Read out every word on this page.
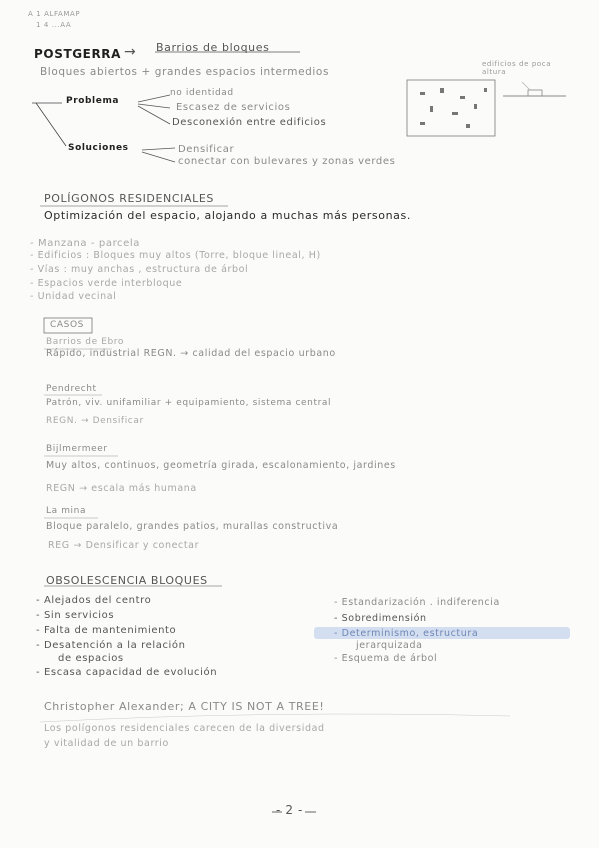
A 1 ALFAMAP
1 4 ...AA
POSTGERRA → Barrios de bloques
Bloques abiertos + grandes espacios intermedios
edificios de poca altura
Problema
no identidad
Escasez de servicios
Desconexión entre edificios
Soluciones	Densificar
conectar con bulevares y zonas verdes
POLÍGONOS RESIDENCIALES
Optimización del espacio, alojando a muchas más personas.
- Manzana - parcela
- Edificios : Bloques muy altos (Torre, bloque lineal, H)
- Vías : muy anchas , estructura de árbol
- Espacios verde interbloque
- Unidad vecinal
CASOS
Barrios de Ebro
Rápido, industrial REGN. → calidad del espacio urbano
Pendrecht
Patrón, viv. unifamiliar + equipamiento, sistema central
REGN. → Densificar
Bijlmermeer
Muy altos, continuos, geometría girada, escalonamiento, jardines
REGN → escala más humana
La mina
Bloque paralelo, grandes patios, murallas constructiva
REG → Densificar y conectar
OBSOLESCENCIA BLOQUES
- Alejados del centro
- Sin servicios
- Falta de mantenimiento
- Desatención a la relación
de espacios
- Escasa capacidad de evolución
- Estandarización . indiferencia
- Sobredimensión
- Determinismo, estructura
jerarquizada
- Esquema de árbol
Christopher Alexander; A CITY IS NOT A TREE!
Los polígonos residenciales carecen de la diversidad
y vitalidad de un barrio
- 2 -
